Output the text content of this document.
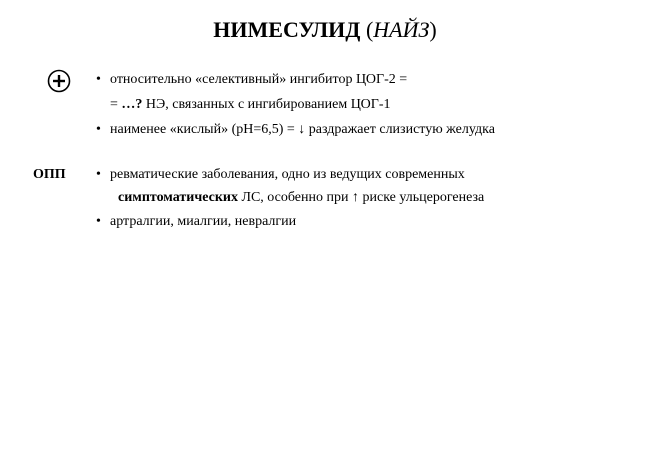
НИМЕСУЛИД (НАЙЗ)
• относительно «селективный» ингибитор ЦОГ-2 =
= …? НЭ, связанных с ингибированием ЦОГ-1
• наименее «кислый» (рН=6,5) = ↓ раздражает слизистую желудка
ОПП • ревматические заболевания, одно из ведущих современных
симптоматических ЛС, особенно при ↑ риске ульцерогенеза
• артралгии, миалгии, невралгии
